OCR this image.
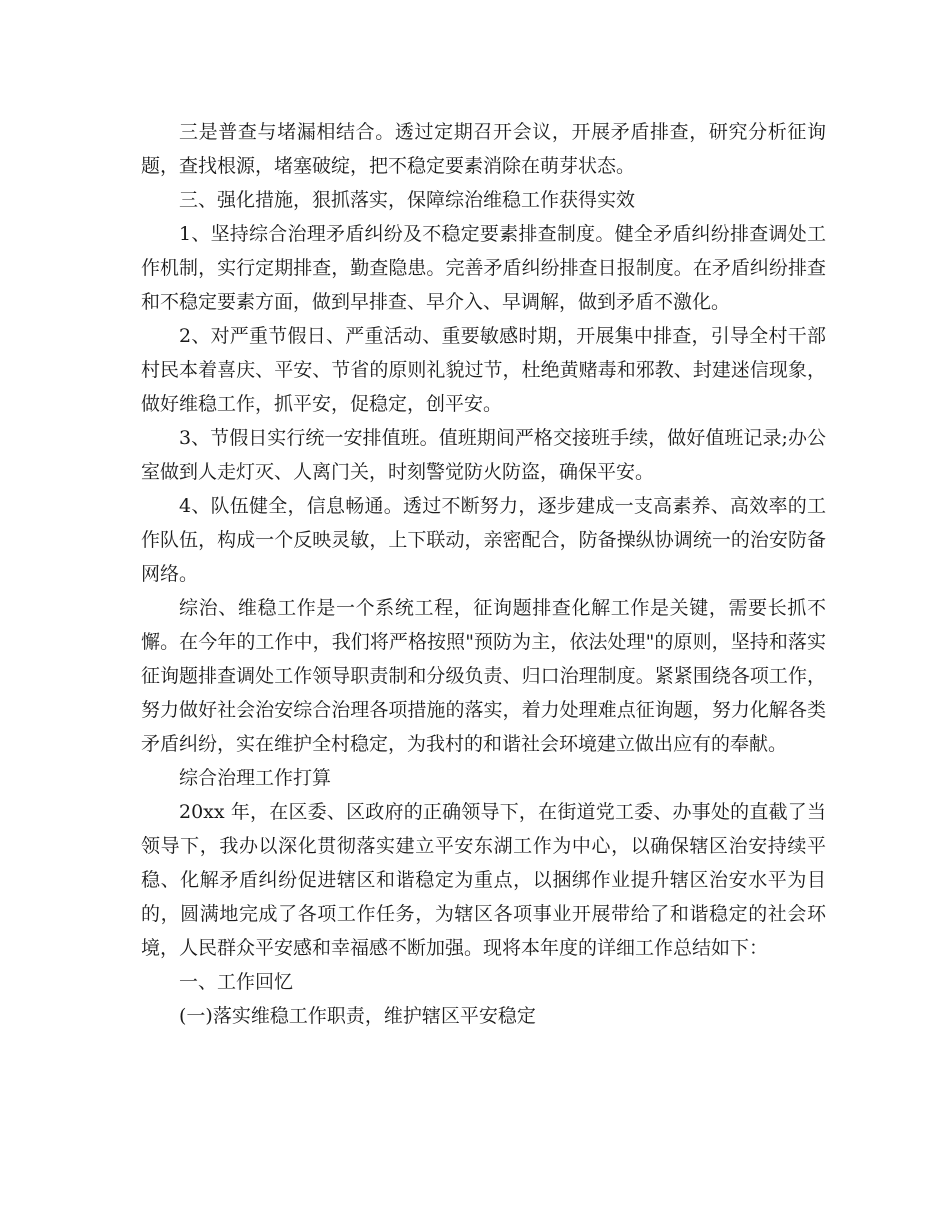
三是普查与堵漏相结合。透过定期召开会议，开展矛盾排查，研究分析征询题，查找根源，堵塞破绽，把不稳定要素消除在萌芽状态。

三、强化措施，狠抓落实，保障综治维稳工作获得实效

1、坚持综合治理矛盾纠纷及不稳定要素排查制度。健全矛盾纠纷排查调处工作机制，实行定期排查，勤查隐患。完善矛盾纠纷排查日报制度。在矛盾纠纷排查和不稳定要素方面，做到早排查、早介入、早调解，做到矛盾不激化。

2、对严重节假日、严重活动、重要敏感时期，开展集中排查，引导全村干部村民本着喜庆、平安、节省的原则礼貌过节，杜绝黄赌毒和邪教、封建迷信现象，做好维稳工作，抓平安，促稳定，创平安。

3、节假日实行统一安排值班。值班期间严格交接班手续，做好值班记录;办公室做到人走灯灭、人离门关，时刻警觉防火防盗，确保平安。

4、队伍健全，信息畅通。透过不断努力，逐步建成一支高素养、高效率的工作队伍，构成一个反映灵敏，上下联动，亲密配合，防备操纵协调统一的治安防备网络。

综治、维稳工作是一个系统工程，征询题排查化解工作是关键，需要长抓不懈。在今年的工作中，我们将严格按照"预防为主，依法处理"的原则，坚持和落实征询题排查调处工作领导职责制和分级负责、归口治理制度。紧紧围绕各项工作，努力做好社会治安综合治理各项措施的落实，着力处理难点征询题，努力化解各类矛盾纠纷，实在维护全村稳定，为我村的和谐社会环境建立做出应有的奉献。

综合治理工作打算

20xx 年，在区委、区政府的正确领导下，在街道党工委、办事处的直截了当领导下，我办以深化贯彻落实建立平安东湖工作为中心，以确保辖区治安持续平稳、化解矛盾纠纷促进辖区和谐稳定为重点，以捆绑作业提升辖区治安水平为目的，圆满地完成了各项工作任务，为辖区各项事业开展带给了和谐稳定的社会环境，人民群众平安感和幸福感不断加强。现将本年度的详细工作总结如下：

一、工作回忆

(一)落实维稳工作职责，维护辖区平安稳定
